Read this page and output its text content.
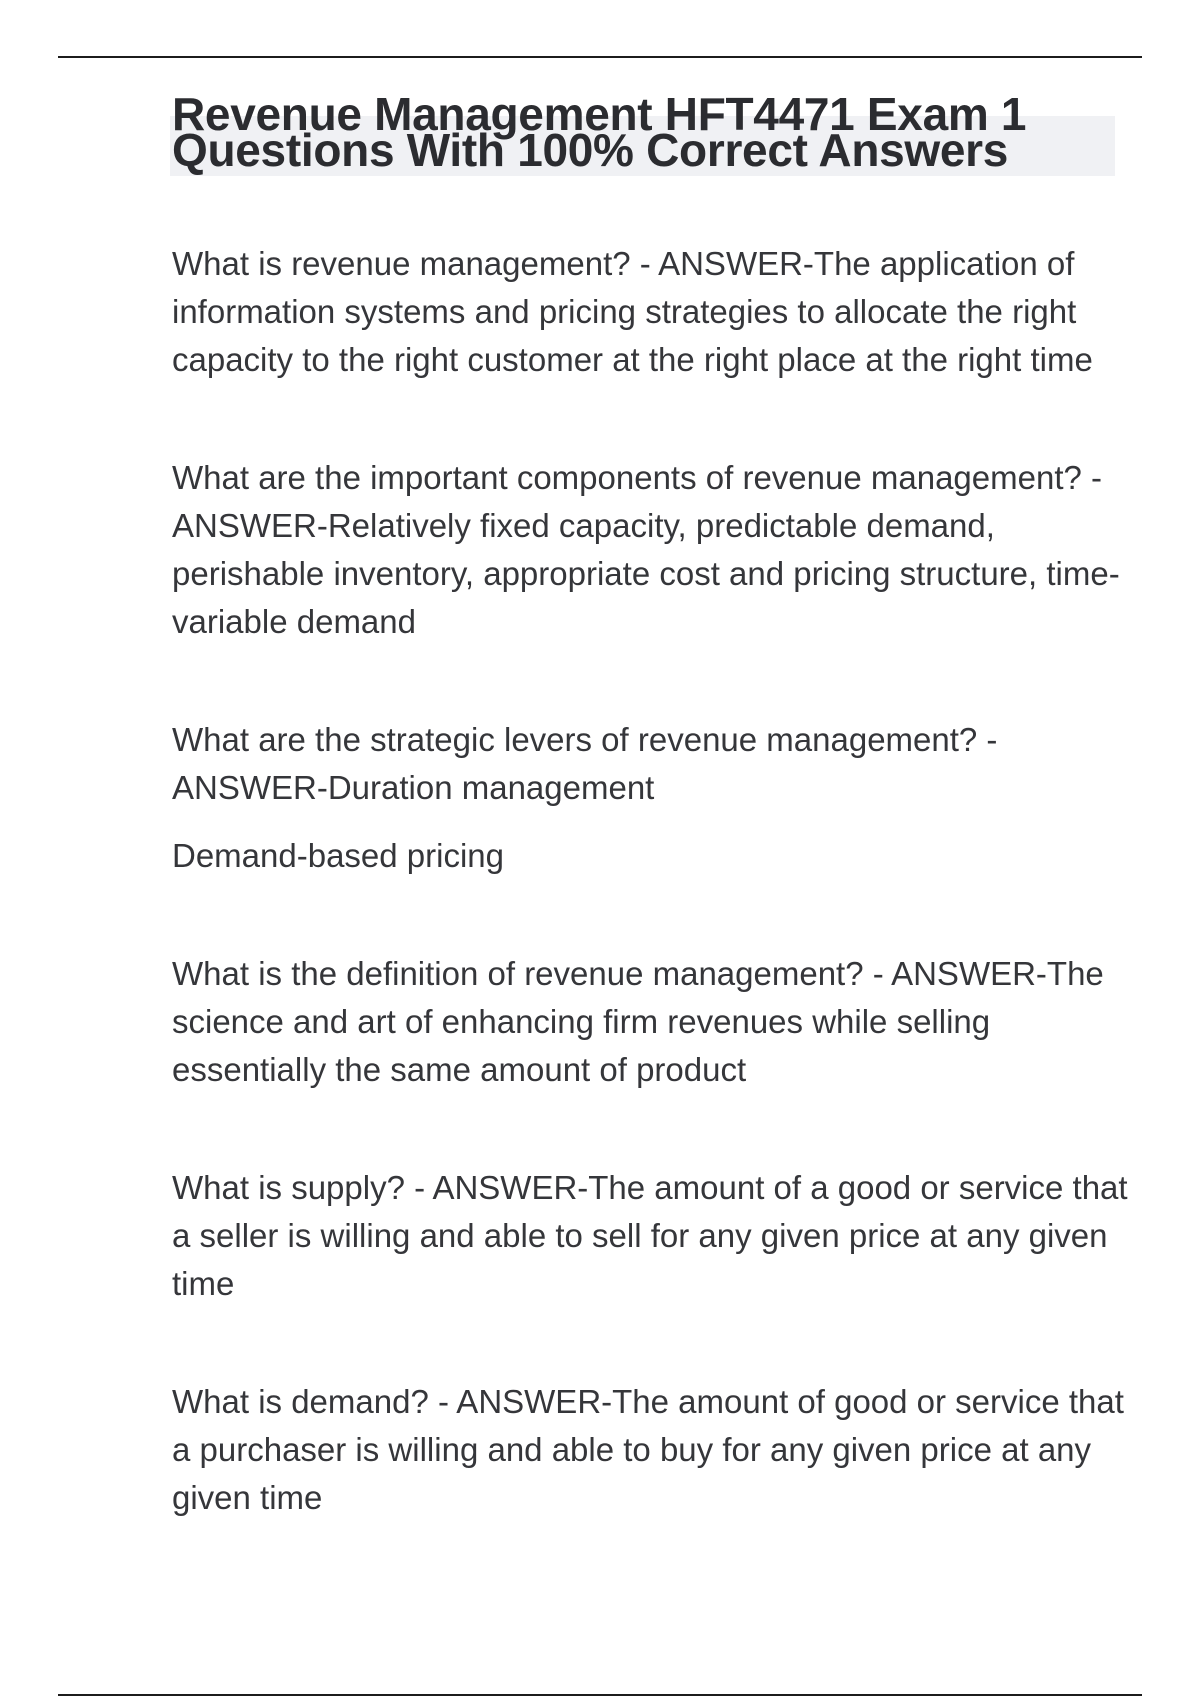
Revenue Management HFT4471 Exam 1 Questions With 100% Correct Answers

What is revenue management? - ANSWER-The application of information systems and pricing strategies to allocate the right capacity to the right customer at the right place at the right time

What are the important components of revenue management? - ANSWER-Relatively fixed capacity, predictable demand, perishable inventory, appropriate cost and pricing structure, time-variable demand

What are the strategic levers of revenue management? - ANSWER-Duration management

Demand-based pricing

What is the definition of revenue management? - ANSWER-The science and art of enhancing firm revenues while selling essentially the same amount of product

What is supply? - ANSWER-The amount of a good or service that a seller is willing and able to sell for any given price at any given time

What is demand? - ANSWER-The amount of good or service that a purchaser is willing and able to buy for any given price at any given time
